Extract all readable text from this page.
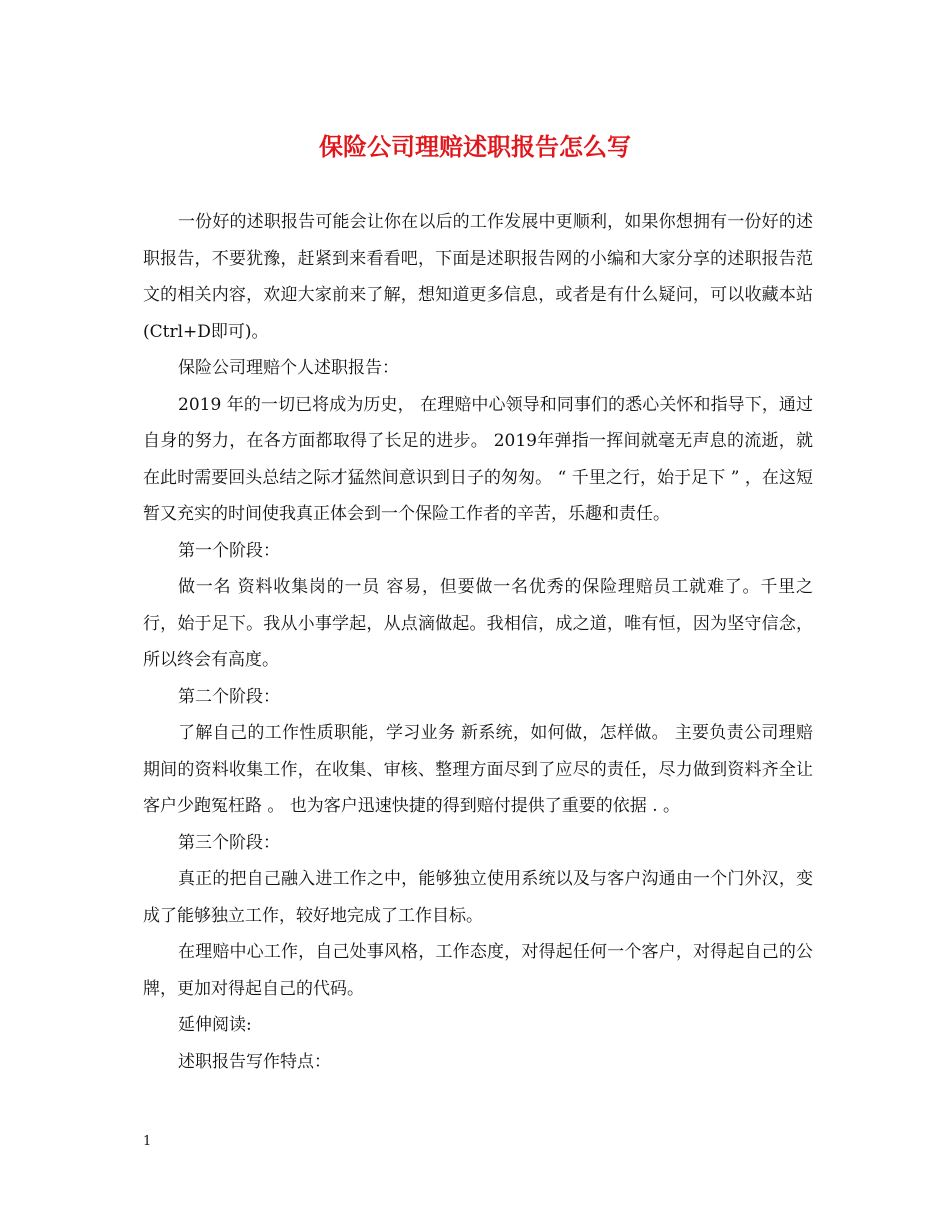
保险公司理赔述职报告怎么写

一份好的述职报告可能会让你在以后的工作发展中更顺利，如果你想拥有一份好的述职报告，不要犹豫，赶紧到来看看吧，下面是述职报告网的小编和大家分享的述职报告范文的相关内容，欢迎大家前来了解，想知道更多信息，或者是有什么疑问，可以收藏本站(Ctrl+D即可)。

保险公司理赔个人述职报告：

2019 年的一切已将成为历史， 在理赔中心领导和同事们的悉心关怀和指导下，通过自身的努力，在各方面都取得了长足的进步。 2019年弹指一挥间就毫无声息的流逝，就在此时需要回头总结之际才猛然间意识到日子的匆匆。 “ 千里之行，始于足下 ” ，在这短暂又充实的时间使我真正体会到一个保险工作者的辛苦，乐趣和责任。

第一个阶段：

做一名 资料收集岗的一员 容易，但要做一名优秀的保险理赔员工就难了。千里之行，始于足下。我从小事学起，从点滴做起。我相信，成之道，唯有恒，因为坚守信念，所以终会有高度。

第二个阶段：

了解自己的工作性质职能，学习业务 新系统，如何做，怎样做。 主要负责公司理赔期间的资料收集工作，在收集、审核、整理方面尽到了应尽的责任，尽力做到资料齐全让客户少跑冤枉路 。 也为客户迅速快捷的得到赔付提供了重要的依据 . 。

第三个阶段：

真正的把自己融入进工作之中，能够独立使用系统以及与客户沟通由一个门外汉，变成了能够独立工作，较好地完成了工作目标。

在理赔中心工作，自己处事风格，工作态度，对得起任何一个客户，对得起自己的公牌，更加对得起自己的代码。

延伸阅读:

述职报告写作特点：

1
